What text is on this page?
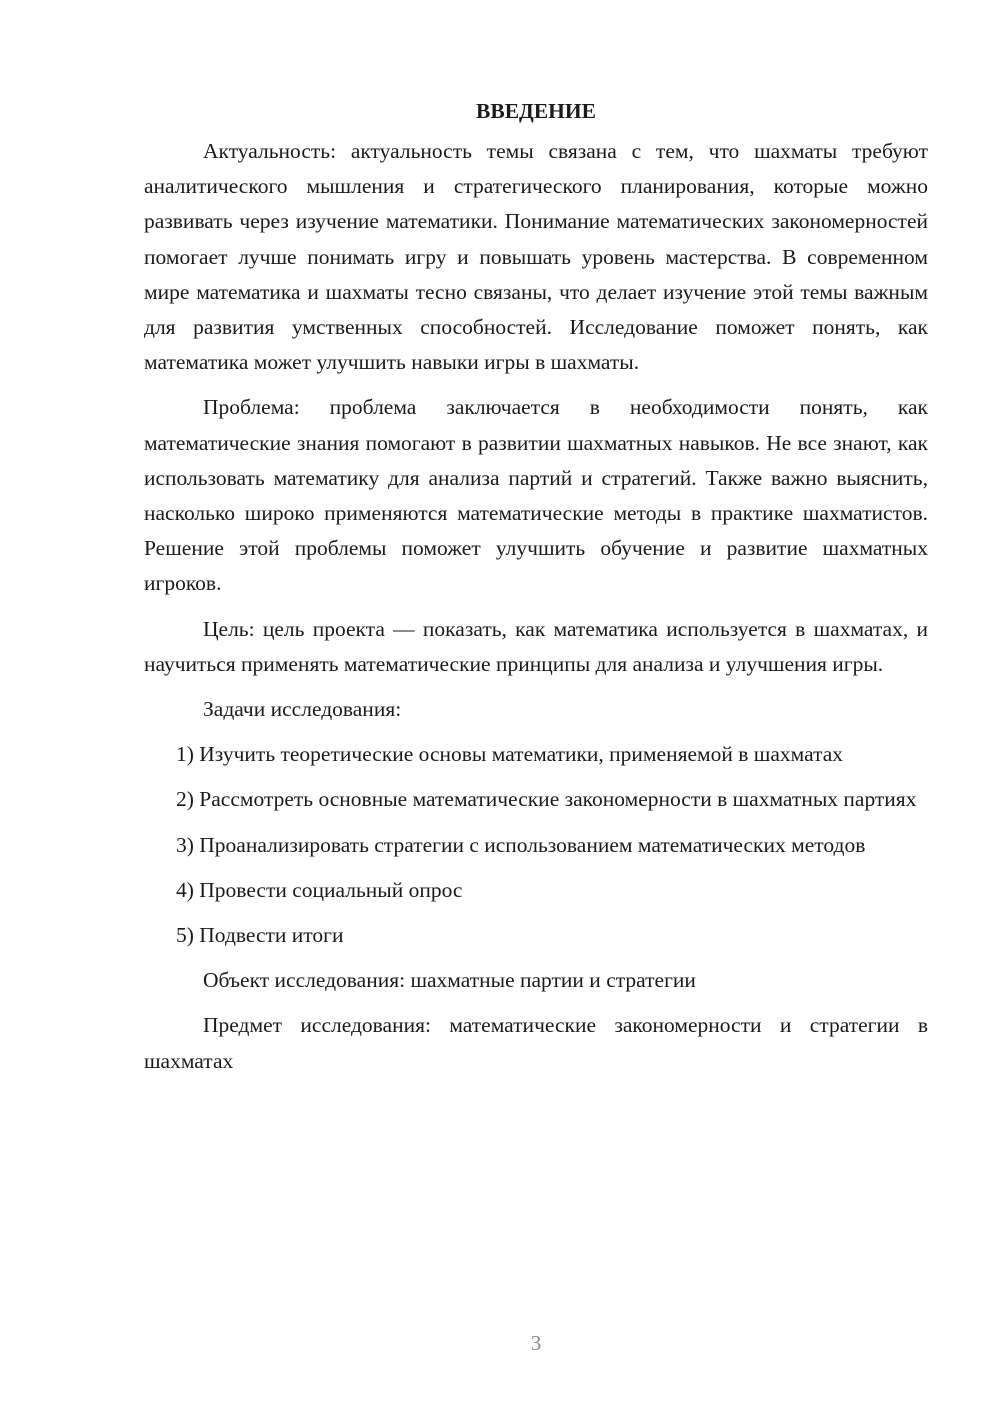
ВВЕДЕНИЕ

Актуальность: актуальность темы связана с тем, что шахматы требуют аналитического мышления и стратегического планирования, которые можно развивать через изучение математики. Понимание математических закономерностей помогает лучше понимать игру и повышать уровень мастерства. В современном мире математика и шахматы тесно связаны, что делает изучение этой темы важным для развития умственных способностей. Исследование поможет понять, как математика может улучшить навыки игры в шахматы.

Проблема: проблема заключается в необходимости понять, как математические знания помогают в развитии шахматных навыков. Не все знают, как использовать математику для анализа партий и стратегий. Также важно выяснить, насколько широко применяются математические методы в практике шахматистов. Решение этой проблемы поможет улучшить обучение и развитие шахматных игроков.

Цель: цель проекта — показать, как математика используется в шахматах, и научиться применять математические принципы для анализа и улучшения игры.

Задачи исследования:

1) Изучить теоретические основы математики, применяемой в шахматах

2) Рассмотреть основные математические закономерности в шахматных партиях

3) Проанализировать стратегии с использованием математических методов

4) Провести социальный опрос

5) Подвести итоги

Объект исследования: шахматные партии и стратегии

Предмет исследования: математические закономерности и стратегии в шахматах

3
